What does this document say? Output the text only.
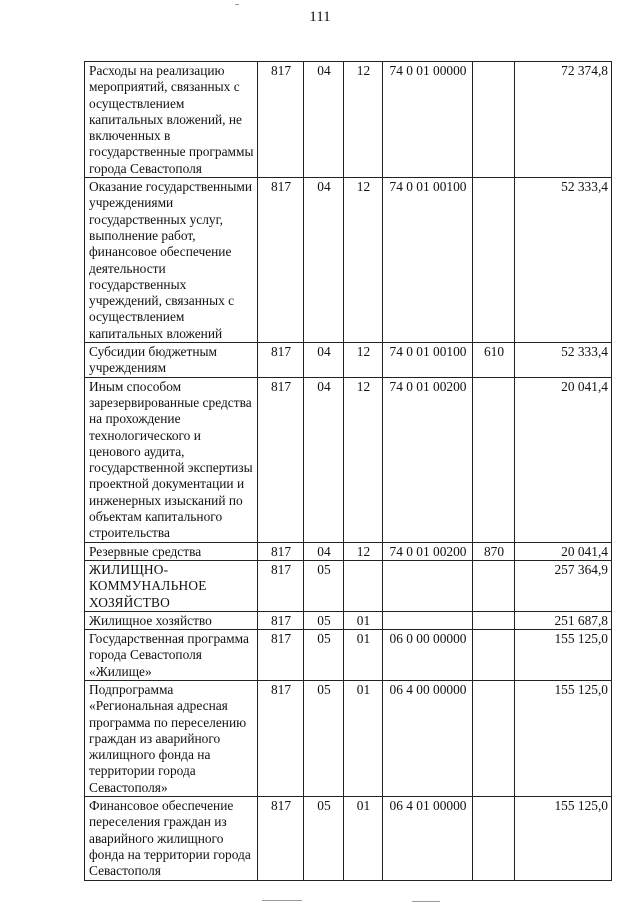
111
Расходы на реализацию мероприятий, связанных с осуществлением капитальных вложений, не включенных в государственные программы города Севастополя	817	04	12	74 0 01 00000		72 374,8
Оказание государственными учреждениями государственных услуг, выполнение работ, финансовое обеспечение деятельности государственных учреждений, связанных с осуществлением капитальных вложений	817	04	12	74 0 01 00100		52 333,4
Субсидии бюджетным учреждениям	817	04	12	74 0 01 00100	610	52 333,4
Иным способом зарезервированные средства на прохождение технологического и ценового аудита, государственной экспертизы проектной документации и инженерных изысканий по объектам капитального строительства	817	04	12	74 0 01 00200		20 041,4
Резервные средства	817	04	12	74 0 01 00200	870	20 041,4
ЖИЛИЩНО-КОММУНАЛЬНОЕ ХОЗЯЙСТВО	817	05				257 364,9
Жилищное хозяйство	817	05	01			251 687,8
Государственная программа города Севастополя «Жилище»	817	05	01	06 0 00 00000		155 125,0
Подпрограмма «Региональная адресная программа по переселению граждан из аварийного жилищного фонда на территории города Севастополя»	817	05	01	06 4 00 00000		155 125,0
Финансовое обеспечение переселения граждан из аварийного жилищного фонда на территории города Севастополя	817	05	01	06 4 01 00000		155 125,0
